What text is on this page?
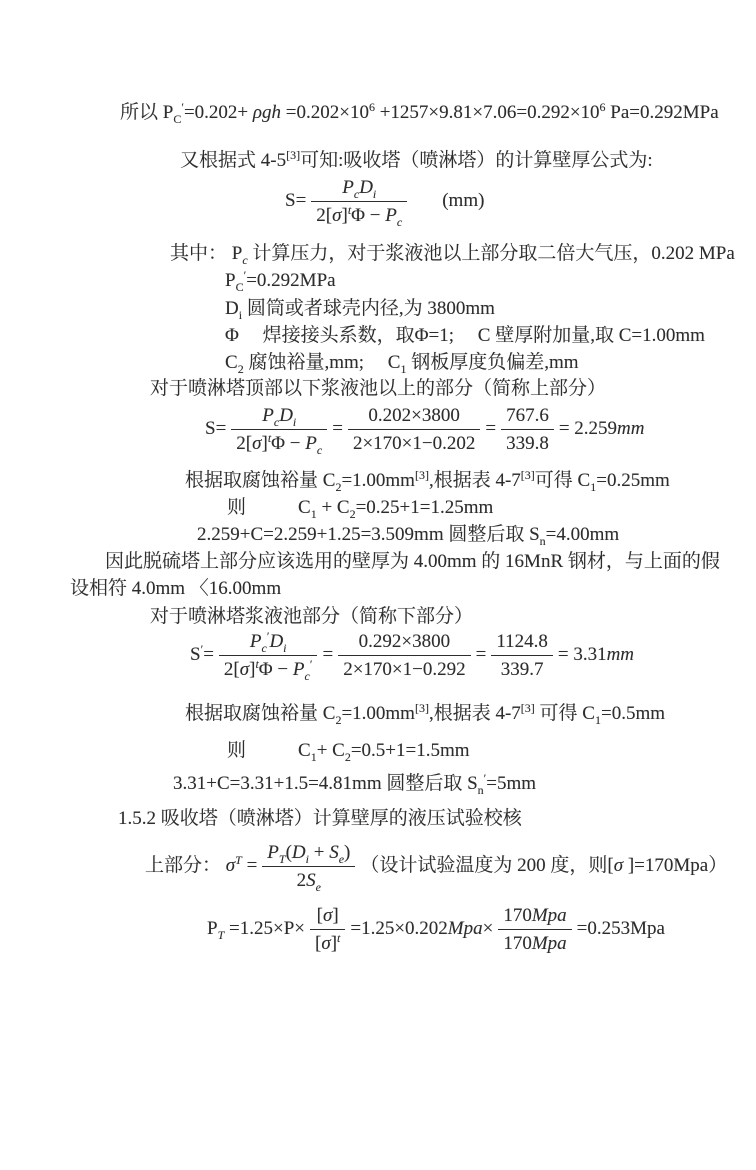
所以 $P_C'=0.202+ \rho gh =0.202\times 10^6 +1257\times 9.81\times 7.06=0.292\times 10^6$ Pa=0.292MPa
又根据式 4-5[3]可知:吸收塔（喷淋塔）的计算壁厚公式为:
$S= \frac{P_cD_i}{2[\sigma]^t\Phi - P_c} (mm)$
其中： $P_c$ 计算压力，对于浆液池以上部分取二倍大气压，0.202 MPa
$P_C'=0.292MPa$
$D_i$ 圆筒或者球壳内径,为 3800mm
Φ　 焊接接头系数，取Φ=1;　 C 壁厚附加量,取 C=1.00mm
$C_2$ 腐蚀裕量,mm;　 $C_1$ 钢板厚度负偏差,mm
对于喷淋塔顶部以下浆液池以上的部分（简称上部分）
$S= \frac{P_cD_i}{2[\sigma]^t\Phi - P_c} = \frac{0.202\times 3800}{2\times 170\times 1-0.202} = \frac{767.6}{339.8} = 2.259mm$
根据取腐蚀裕量 $C_2=1.00mm[3]$,根据表 4-7[3]可得 $C_1=0.25mm$
则	$C_1 + C_2=0.25+1=1.25mm$
2.259+C=2.259+1.25=3.509mm 圆整后取 $S_n=4.00mm$
因此脱硫塔上部分应该选用的壁厚为 4.00mm 的 16MnR 钢材，与上面的假
设相符 4.0mm 〈16.00mm
对于喷淋塔浆液池部分（简称下部分）
$S'= \frac{P_c'D_i}{2[\sigma]^t\Phi - P_c'} = \frac{0.292\times 3800}{2\times 170\times 1-0.292} = \frac{1124.8}{339.7} = 3.31mm$
根据取腐蚀裕量 $C_2=1.00mm[3]$,根据表 4-7[3] 可得 $C_1=0.5mm$
则	$C_1+ C_2=0.5+1=1.5mm$
3.31+C=3.31+1.5=4.81mm 圆整后取 $S_n'=5mm$
1.5.2 吸收塔（喷淋塔）计算壁厚的液压试验校核
上部分： $\sigma^T = \frac{P_T(D_i + S_e)}{2S_e}$ （设计试验温度为 200 度，则[σ ]=170Mpa）
$P_T =1.25\times P\times \frac{[\sigma]}{[\sigma]^t} =1.25\times 0.202Mpa\times \frac{\text{170Mpa}}{\text{170Mpa}} =0.253Mpa$
